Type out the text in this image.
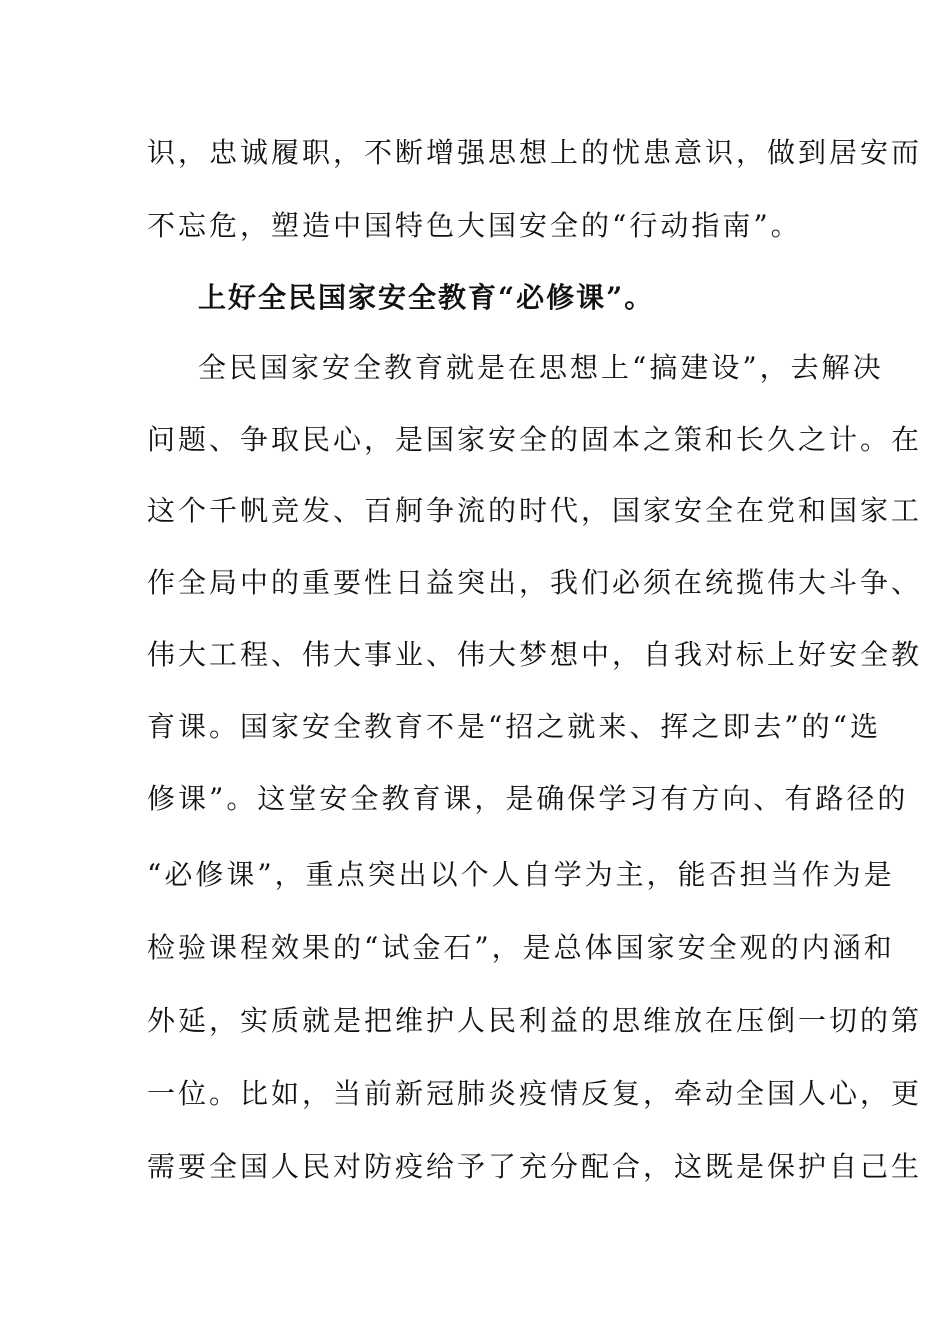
识，忠诚履职，不断增强思想上的忧患意识，做到居安而
不忘危，塑造中国特色大国安全的“行动指南”。
上好全民国家安全教育“必修课”。
全民国家安全教育就是在思想上“搞建设”，去解决
问题、争取民心，是国家安全的固本之策和长久之计。在
这个千帆竞发、百舸争流的时代，国家安全在党和国家工
作全局中的重要性日益突出，我们必须在统揽伟大斗争、
伟大工程、伟大事业、伟大梦想中，自我对标上好安全教
育课。国家安全教育不是“招之就来、挥之即去”的“选
修课”。这堂安全教育课，是确保学习有方向、有路径的
“必修课”，重点突出以个人自学为主，能否担当作为是
检验课程效果的“试金石”，是总体国家安全观的内涵和
外延，实质就是把维护人民利益的思维放在压倒一切的第
一位。比如，当前新冠肺炎疫情反复，牵动全国人心，更
需要全国人民对防疫给予了充分配合，这既是保护自己生
